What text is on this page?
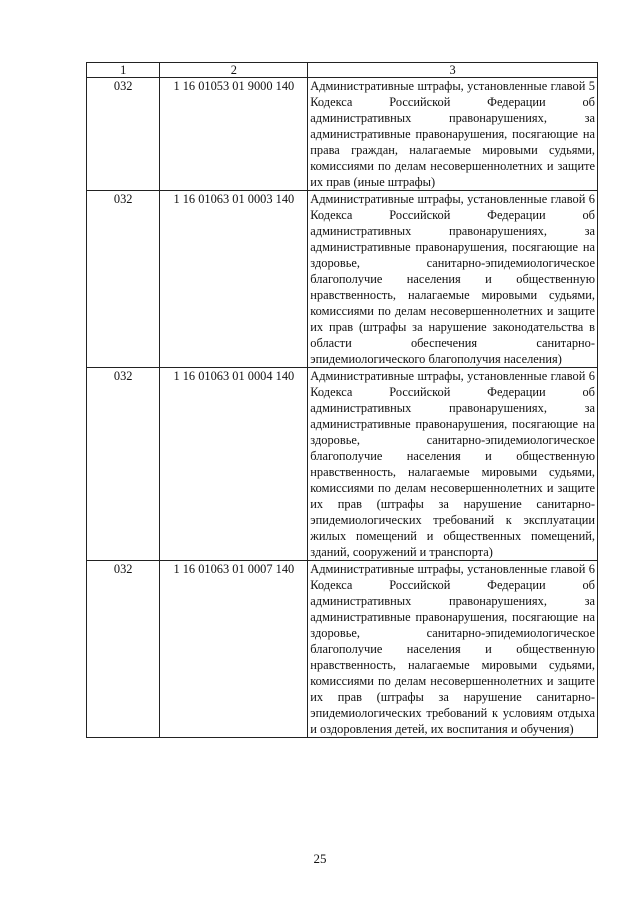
1	2	3
032	1 16 01053 01 9000 140	Административные штрафы, установленные главой 5 Кодекса Российской Федерации об административных правонарушениях, за административные правонарушения, посягающие на права граждан, налагаемые мировыми судьями, комиссиями по делам несовершеннолетних и защите их прав (иные штрафы)
032	1 16 01063 01 0003 140	Административные штрафы, установленные главой 6 Кодекса Российской Федерации об административных правонарушениях, за административные правонарушения, посягающие на здоровье, санитарно-эпидемиологическое благополучие населения и общественную нравственность, налагаемые мировыми судьями, комиссиями по делам несовершеннолетних и защите их прав (штрафы за нарушение законодательства в области обеспечения санитарно-эпидемиологического благополучия населения)
032	1 16 01063 01 0004 140	Административные штрафы, установленные главой 6 Кодекса Российской Федерации об административных правонарушениях, за административные правонарушения, посягающие на здоровье, санитарно-эпидемиологическое благополучие населения и общественную нравственность, налагаемые мировыми судьями, комиссиями по делам несовершеннолетних и защите их прав (штрафы за нарушение санитарно-эпидемиологических требований к эксплуатации жилых помещений и общественных помещений, зданий, сооружений и транспорта)
032	1 16 01063 01 0007 140	Административные штрафы, установленные главой 6 Кодекса Российской Федерации об административных правонарушениях, за административные правонарушения, посягающие на здоровье, санитарно-эпидемиологическое благополучие населения и общественную нравственность, налагаемые мировыми судьями, комиссиями по делам несовершеннолетних и защите их прав (штрафы за нарушение санитарно-эпидемиологических требований к условиям отдыха и оздоровления детей, их воспитания и обучения)
25
